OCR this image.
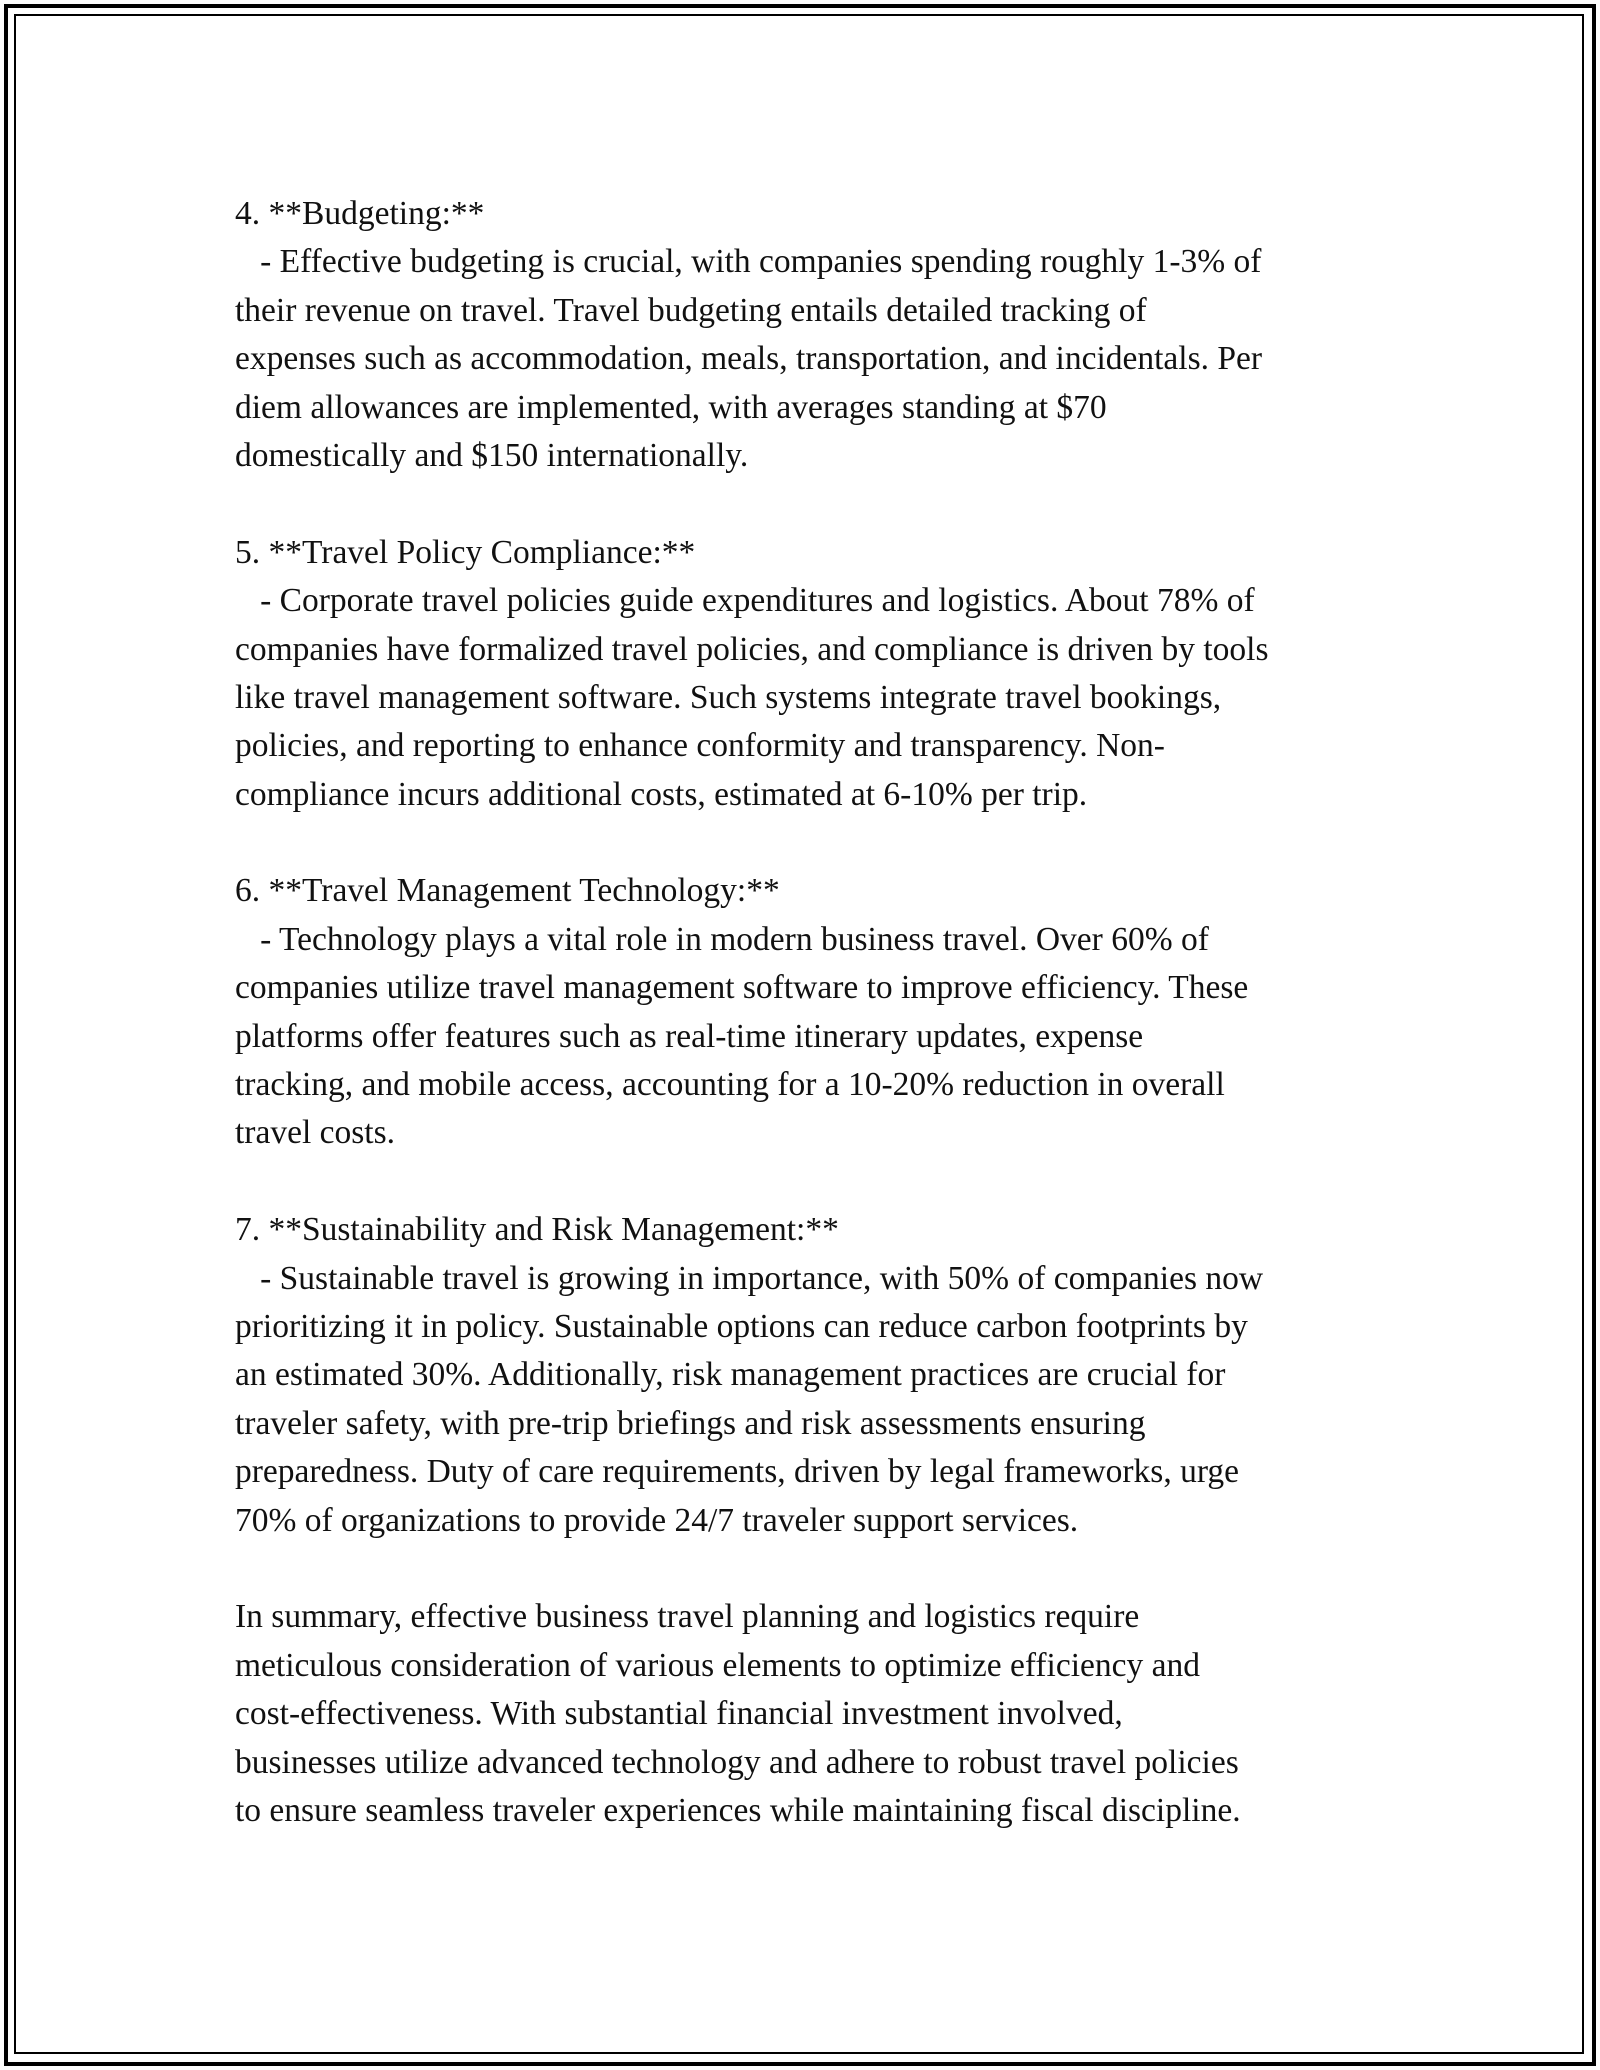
4. **Budgeting:**
- Effective budgeting is crucial, with companies spending roughly 1-3% of
their revenue on travel. Travel budgeting entails detailed tracking of
expenses such as accommodation, meals, transportation, and incidentals. Per
diem allowances are implemented, with averages standing at $70
domestically and $150 internationally.
5. **Travel Policy Compliance:**
- Corporate travel policies guide expenditures and logistics. About 78% of
companies have formalized travel policies, and compliance is driven by tools
like travel management software. Such systems integrate travel bookings,
policies, and reporting to enhance conformity and transparency. Non-
compliance incurs additional costs, estimated at 6-10% per trip.
6. **Travel Management Technology:**
- Technology plays a vital role in modern business travel. Over 60% of
companies utilize travel management software to improve efficiency. These
platforms offer features such as real-time itinerary updates, expense
tracking, and mobile access, accounting for a 10-20% reduction in overall
travel costs.
7. **Sustainability and Risk Management:**
- Sustainable travel is growing in importance, with 50% of companies now
prioritizing it in policy. Sustainable options can reduce carbon footprints by
an estimated 30%. Additionally, risk management practices are crucial for
traveler safety, with pre-trip briefings and risk assessments ensuring
preparedness. Duty of care requirements, driven by legal frameworks, urge
70% of organizations to provide 24/7 traveler support services.
In summary, effective business travel planning and logistics require
meticulous consideration of various elements to optimize efficiency and
cost-effectiveness. With substantial financial investment involved,
businesses utilize advanced technology and adhere to robust travel policies
to ensure seamless traveler experiences while maintaining fiscal discipline.
